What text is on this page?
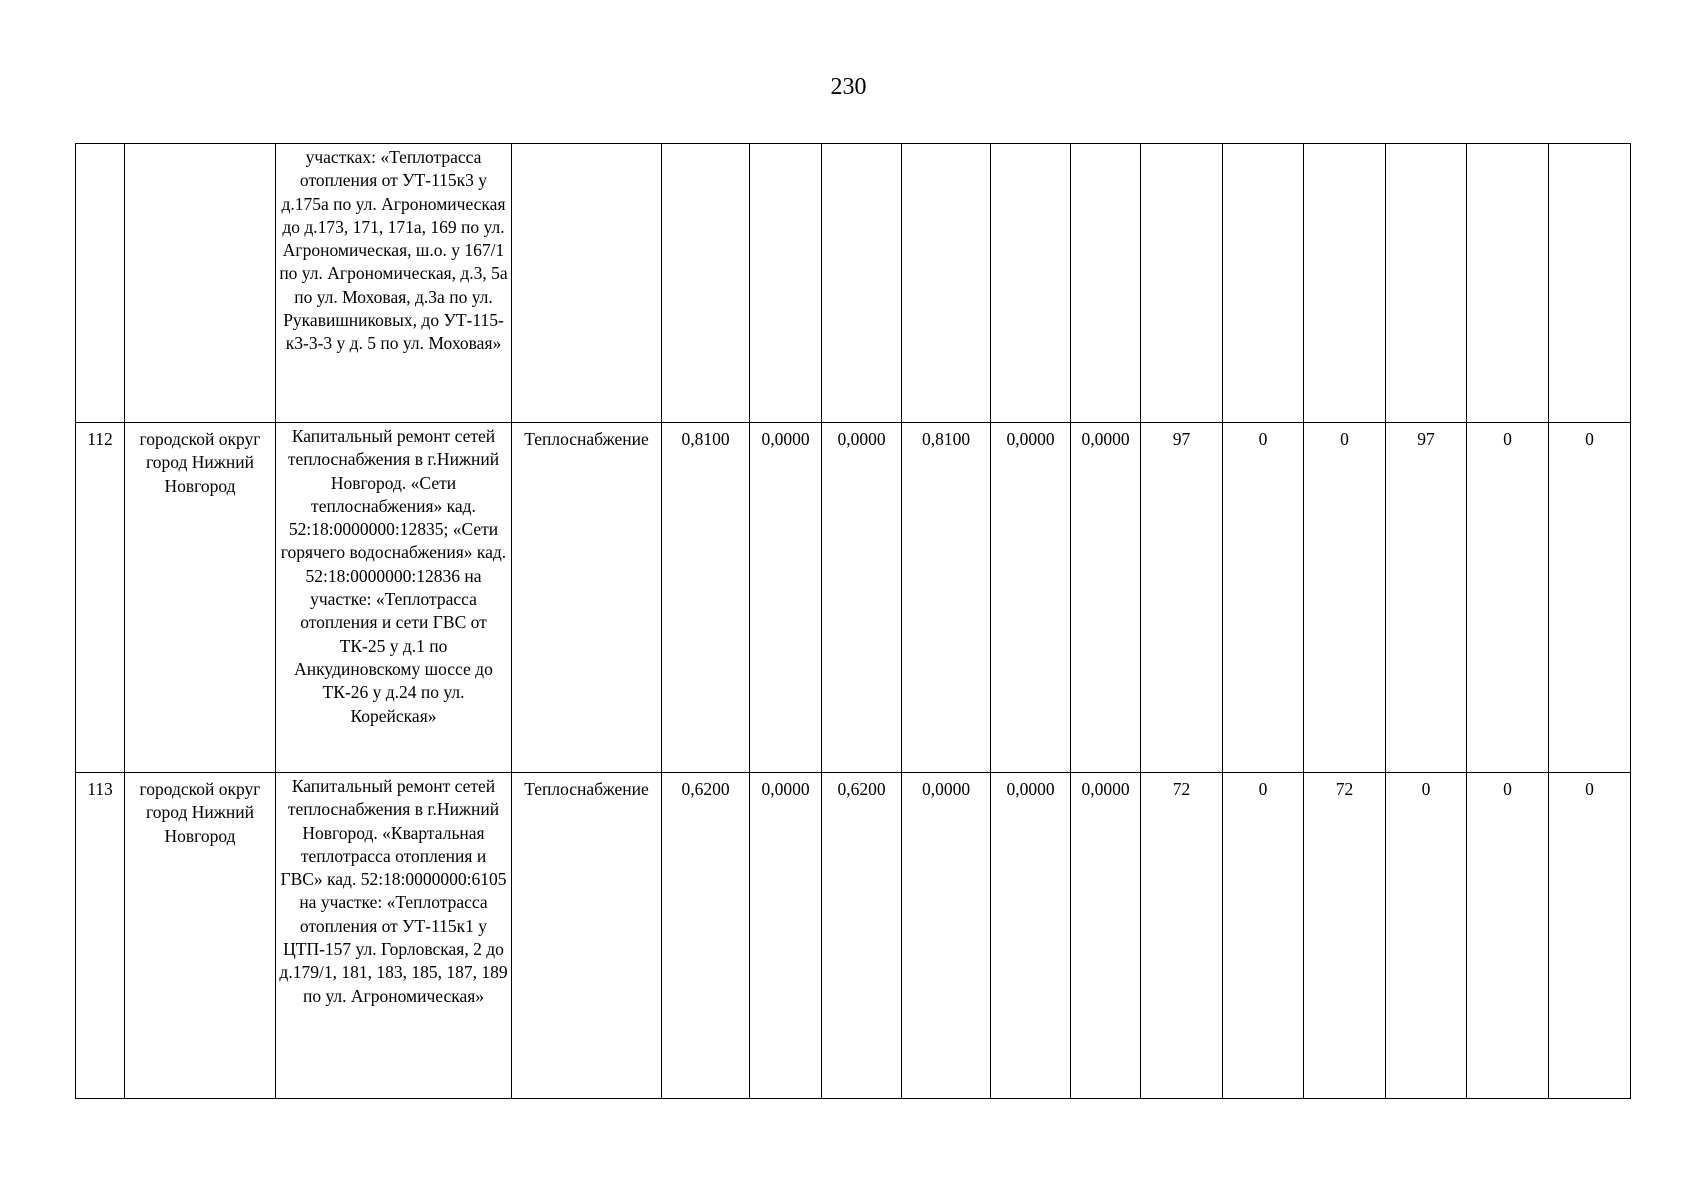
230
		участках: «Теплотрасса отопления от УТ-115к3 у д.175а по ул. Агрономическая до д.173, 171, 171а, 169 по ул. Агрономическая, ш.о. у 167/1 по ул. Агрономическая, д.3, 5а по ул. Моховая, д.3а по ул. Рукавишниковых, до УТ-115-к3-3-3 у д. 5 по ул. Моховая»													
112	городской округ город Нижний Новгород	Капитальный ремонт сетей теплоснабжения в г.Нижний Новгород. «Сети теплоснабжения» кад. 52:18:0000000:12835; «Сети горячего водоснабжения» кад. 52:18:0000000:12836 на участке: «Теплотрасса отопления и сети ГВС от ТК-25 у д.1 по Анкудиновскому шоссе до ТК-26 у д.24 по ул. Корейская»	Теплоснабжение	0,8100	0,0000	0,0000	0,8100	0,0000	0,0000	97	0	0	97	0	0
113	городской округ город Нижний Новгород	Капитальный ремонт сетей теплоснабжения в г.Нижний Новгород. «Квартальная теплотрасса отопления и ГВС» кад. 52:18:0000000:6105 на участке: «Теплотрасса отопления от УТ-115к1 у ЦТП-157 ул. Горловская, 2 до д.179/1, 181, 183, 185, 187, 189 по ул. Агрономическая»	Теплоснабжение	0,6200	0,0000	0,6200	0,0000	0,0000	0,0000	72	0	72	0	0	0
